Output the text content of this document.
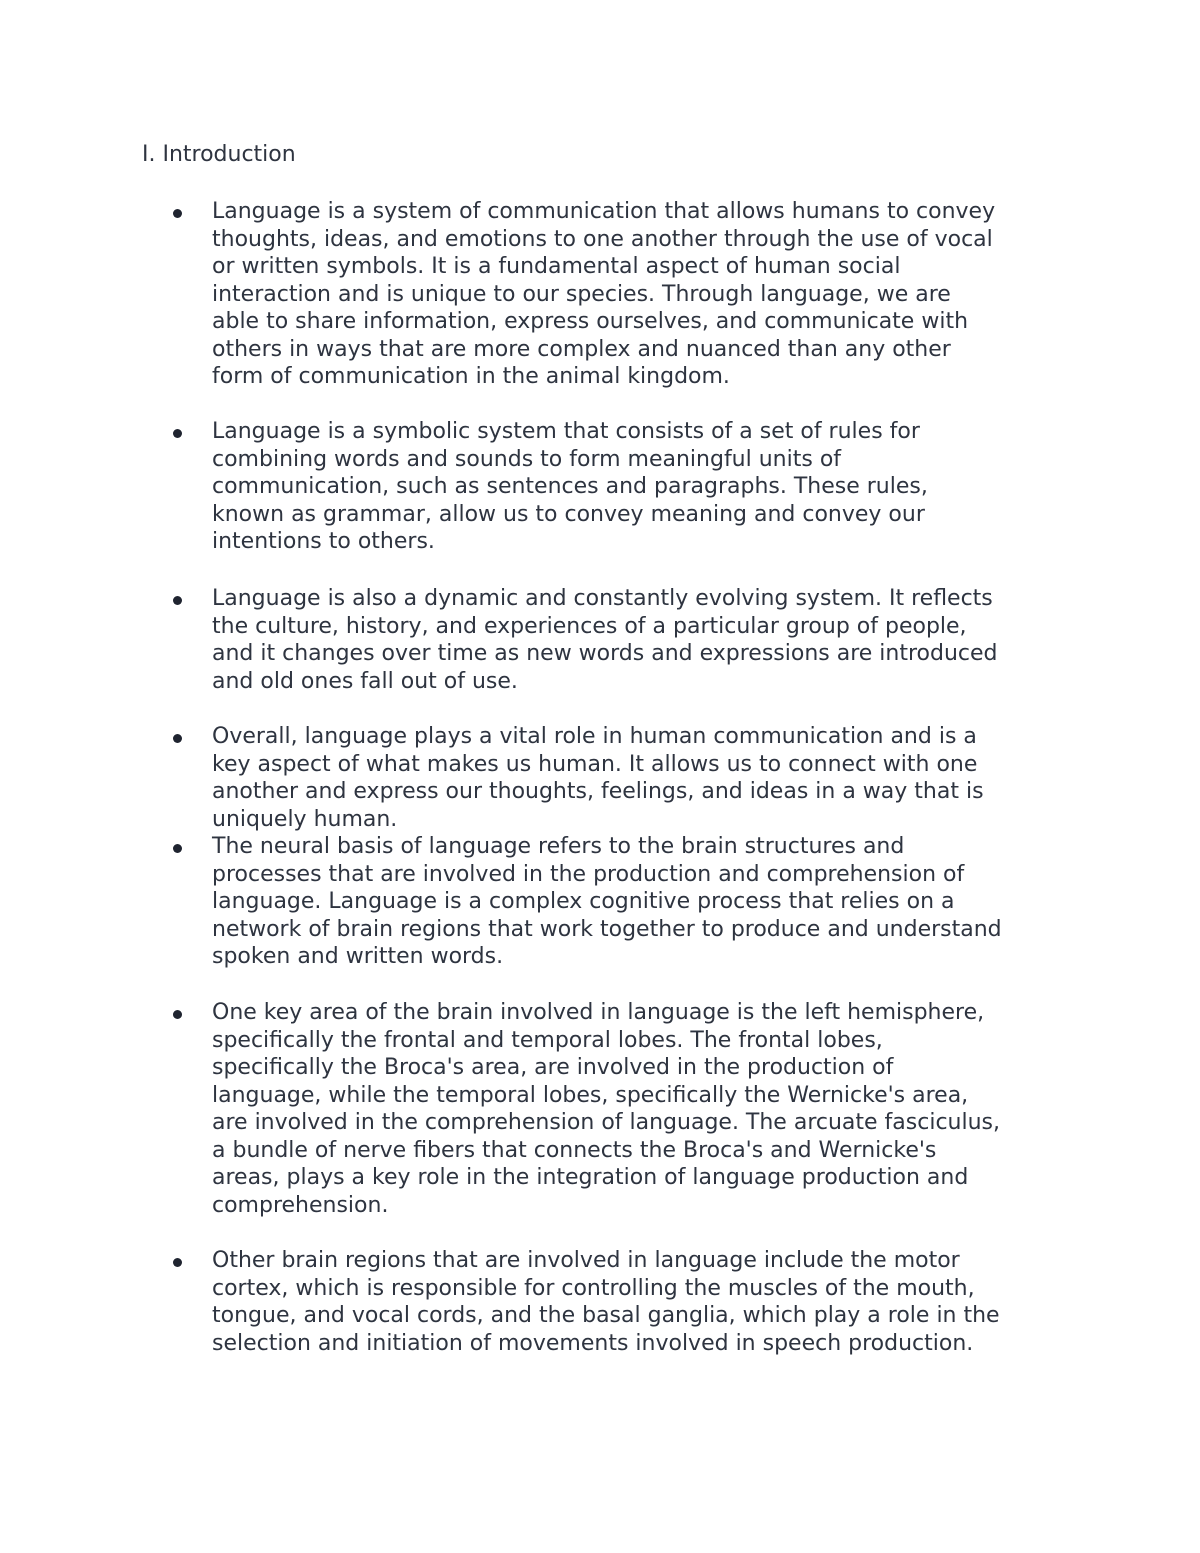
I. Introduction

Language is a system of communication that allows humans to convey
thoughts, ideas, and emotions to one another through the use of vocal
or written symbols. It is a fundamental aspect of human social
interaction and is unique to our species. Through language, we are
able to share information, express ourselves, and communicate with
others in ways that are more complex and nuanced than any other
form of communication in the animal kingdom.

Language is a symbolic system that consists of a set of rules for
combining words and sounds to form meaningful units of
communication, such as sentences and paragraphs. These rules,
known as grammar, allow us to convey meaning and convey our
intentions to others.

Language is also a dynamic and constantly evolving system. It reflects
the culture, history, and experiences of a particular group of people,
and it changes over time as new words and expressions are introduced
and old ones fall out of use.

Overall, language plays a vital role in human communication and is a
key aspect of what makes us human. It allows us to connect with one
another and express our thoughts, feelings, and ideas in a way that is
uniquely human.

The neural basis of language refers to the brain structures and
processes that are involved in the production and comprehension of
language. Language is a complex cognitive process that relies on a
network of brain regions that work together to produce and understand
spoken and written words.

One key area of the brain involved in language is the left hemisphere,
specifically the frontal and temporal lobes. The frontal lobes,
specifically the Broca's area, are involved in the production of
language, while the temporal lobes, specifically the Wernicke's area,
are involved in the comprehension of language. The arcuate fasciculus,
a bundle of nerve fibers that connects the Broca's and Wernicke's
areas, plays a key role in the integration of language production and
comprehension.

Other brain regions that are involved in language include the motor
cortex, which is responsible for controlling the muscles of the mouth,
tongue, and vocal cords, and the basal ganglia, which play a role in the
selection and initiation of movements involved in speech production.
